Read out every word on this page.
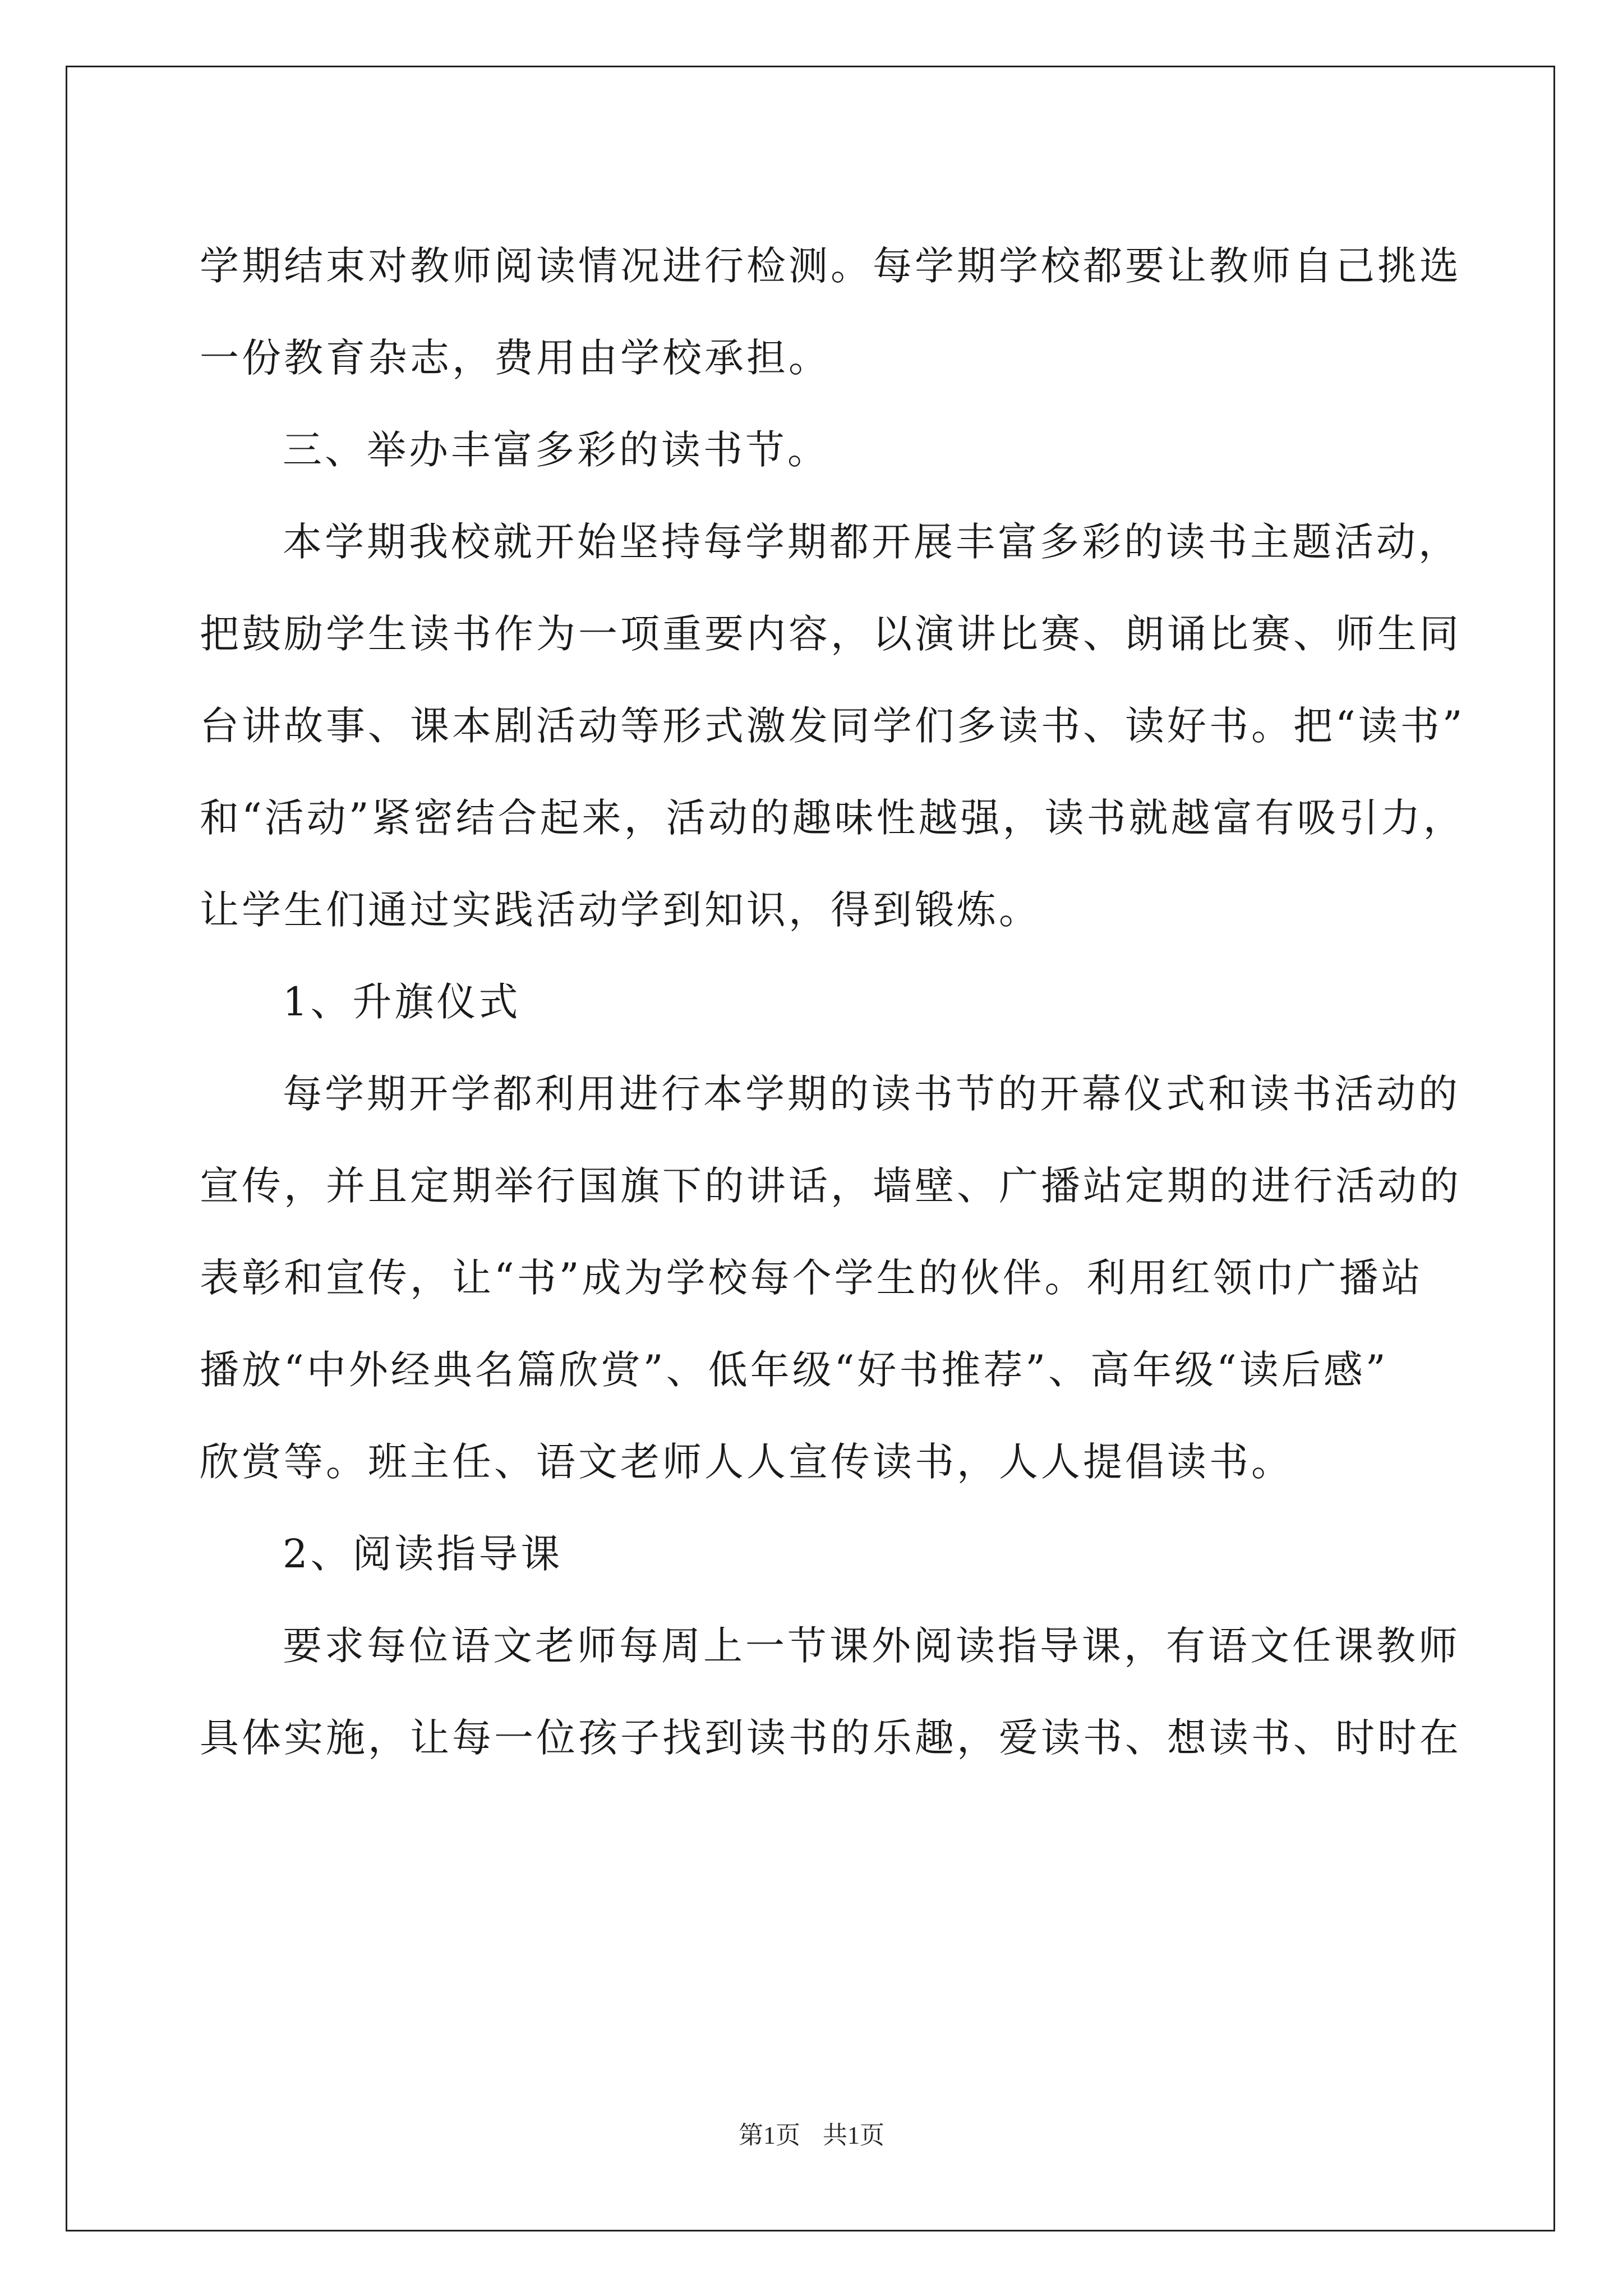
学期结束对教师阅读情况进行检测。每学期学校都要让教师自己挑选
一份教育杂志，费用由学校承担。
三、举办丰富多彩的读书节。
本学期我校就开始坚持每学期都开展丰富多彩的读书主题活动，
把鼓励学生读书作为一项重要内容，以演讲比赛、朗诵比赛、师生同
台讲故事、课本剧活动等形式激发同学们多读书、读好书。把“读书”
和“活动”紧密结合起来，活动的趣味性越强，读书就越富有吸引力，
让学生们通过实践活动学到知识，得到锻炼。
1、升旗仪式
每学期开学都利用进行本学期的读书节的开幕仪式和读书活动的
宣传，并且定期举行国旗下的讲话，墙壁、广播站定期的进行活动的
表彰和宣传，让“书”成为学校每个学生的伙伴。利用红领巾广播站
播放“中外经典名篇欣赏”、低年级“好书推荐”、高年级“读后感”
欣赏等。班主任、语文老师人人宣传读书，人人提倡读书。
2、阅读指导课
要求每位语文老师每周上一节课外阅读指导课，有语文任课教师
具体实施，让每一位孩子找到读书的乐趣，爱读书、想读书、时时在
第1页 共1页
